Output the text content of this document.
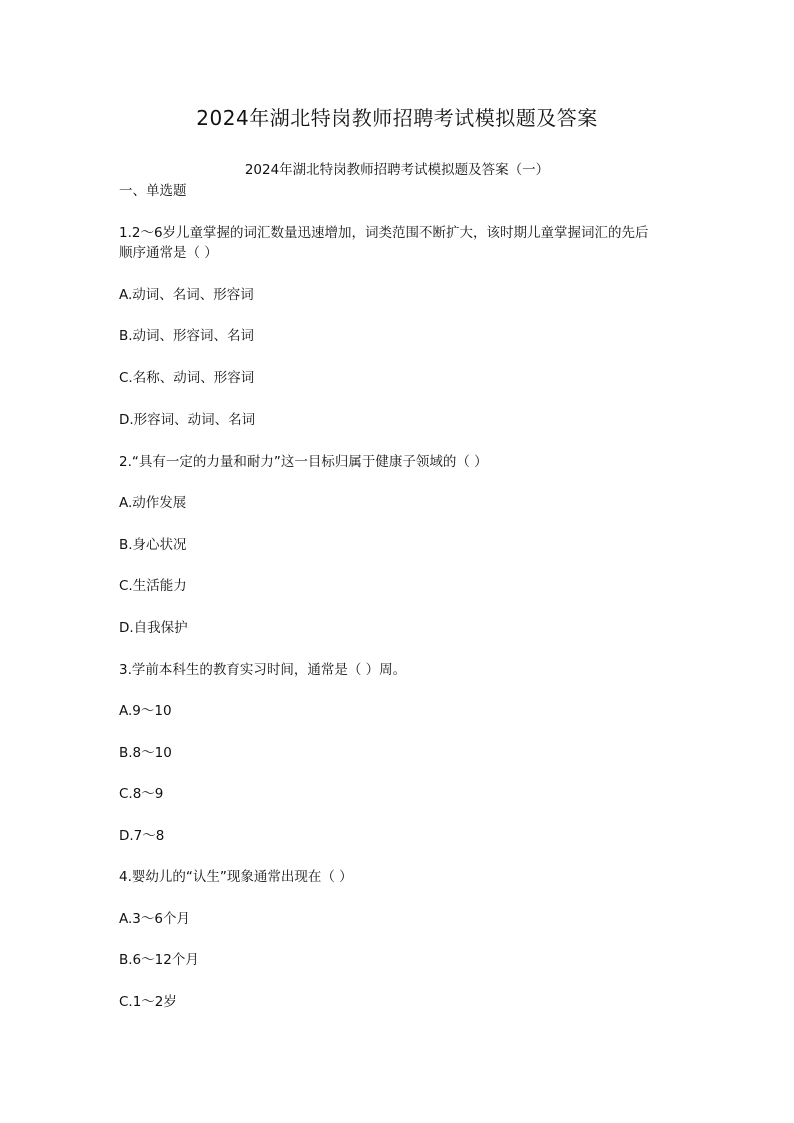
2024年湖北特岗教师招聘考试模拟题及答案
2024年湖北特岗教师招聘考试模拟题及答案（一）
一、单选题
1.2～6岁儿童掌握的词汇数量迅速增加，词类范围不断扩大，该时期儿童掌握词汇的先后
顺序通常是（ ）
A.动词、名词、形容词
B.动词、形容词、名词
C.名称、动词、形容词
D.形容词、动词、名词
2.“具有一定的力量和耐力”这一目标归属于健康子领域的（ ）
A.动作发展
B.身心状况
C.生活能力
D.自我保护
3.学前本科生的教育实习时间，通常是（ ）周。
A.9～10
B.8～10
C.8～9
D.7～8
4.婴幼儿的“认生”现象通常出现在（ ）
A.3～6个月
B.6～12个月
C.1～2岁
